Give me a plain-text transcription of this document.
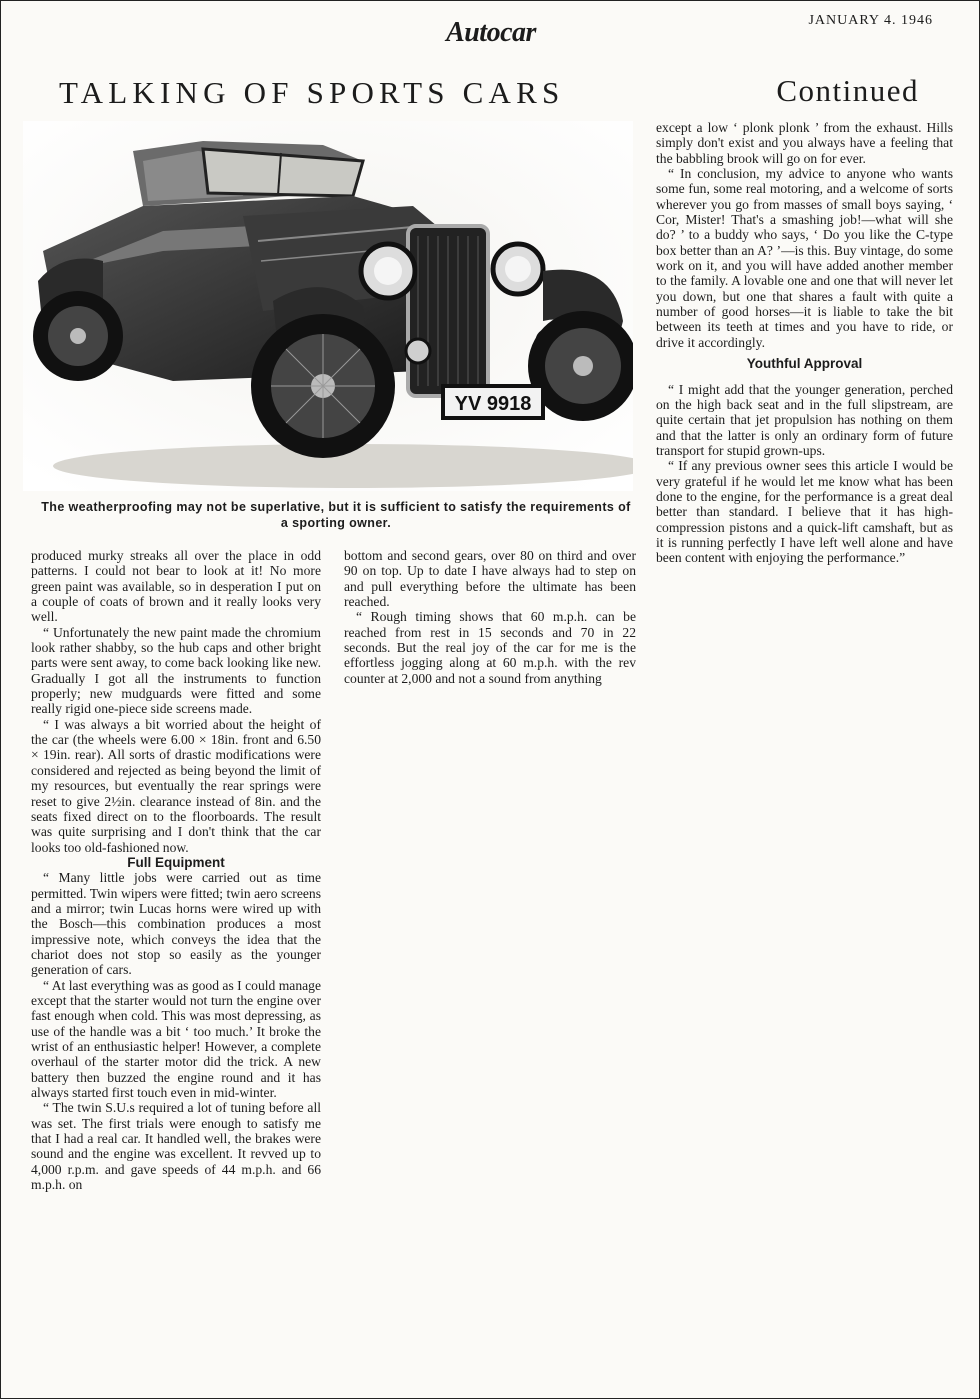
Autocar	JANUARY 4. 1946
TALKING OF SPORTS CARS	Continued
YV 9918
The weatherproofing may not be superlative, but it is sufficient to satisfy the requirements of a sporting owner.

produced murky streaks all over the place in odd patterns. I could not bear to look at it! No more green paint was available, so in desperation I put on a couple of coats of brown and it really looks very well.

“ Unfortunately the new paint made the chromium look rather shabby, so the hub caps and other bright parts were sent away, to come back looking like new. Gradually I got all the instruments to function properly; new mudguards were fitted and some really rigid one-piece side screens made.

“ I was always a bit worried about the height of the car (the wheels were 6.00 × 18in. front and 6.50 × 19in. rear). All sorts of drastic modifications were considered and rejected as being beyond the limit of my resources, but eventually the rear springs were reset to give 2½in. clearance instead of 8in. and the seats fixed direct on to the floorboards. The result was quite surprising and I don't think that the car looks too old-fashioned now.

Full Equipment

“ Many little jobs were carried out as time permitted. Twin wipers were fitted; twin aero screens and a mirror; twin Lucas horns were wired up with the Bosch—this combination produces a most impressive note, which conveys the idea that the chariot does not stop so easily as the younger generation of cars.

“ At last everything was as good as I could manage except that the starter would not turn the engine over fast enough when cold. This was most depressing, as use of the handle was a bit ‘ too much.’ It broke the wrist of an enthusiastic helper! However, a complete overhaul of the starter motor did the trick. A new battery then buzzed the engine round and it has always started first touch even in mid-winter.

“ The twin S.U.s required a lot of tuning before all was set. The first trials were enough to satisfy me that I had a real car. It handled well, the brakes were sound and the engine was excellent. It revved up to 4,000 r.p.m. and gave speeds of 44 m.p.h. and 66 m.p.h. on

bottom and second gears, over 80 on third and over 90 on top. Up to date I have always had to step on and pull everything before the ultimate has been reached.

“ Rough timing shows that 60 m.p.h. can be reached from rest in 15 seconds and 70 in 22 seconds. But the real joy of the car for me is the effortless jogging along at 60 m.p.h. with the rev counter at 2,000 and not a sound from anything

except a low ‘ plonk plonk ’ from the exhaust. Hills simply don't exist and you always have a feeling that the babbling brook will go on for ever.

“ In conclusion, my advice to anyone who wants some fun, some real motoring, and a welcome of sorts wherever you go from masses of small boys saying, ‘ Cor, Mister! That's a smashing job!—what will she do? ’ to a buddy who says, ‘ Do you like the C-type box better than an A? ’—is this. Buy vintage, do some work on it, and you will have added another member to the family. A lovable one and one that will never let you down, but one that shares a fault with quite a number of good horses—it is liable to take the bit between its teeth at times and you have to ride, or drive it accordingly.

Youthful Approval

“ I might add that the younger generation, perched on the high back seat and in the full slipstream, are quite certain that jet propulsion has nothing on them and that the latter is only an ordinary form of future transport for stupid grown-ups.

“ If any previous owner sees this article I would be very grateful if he would let me know what has been done to the engine, for the performance is a great deal better than standard. I believe that it has high-compression pistons and a quick-lift camshaft, but as it is running perfectly I have left well alone and have been content with enjoying the performance.”
